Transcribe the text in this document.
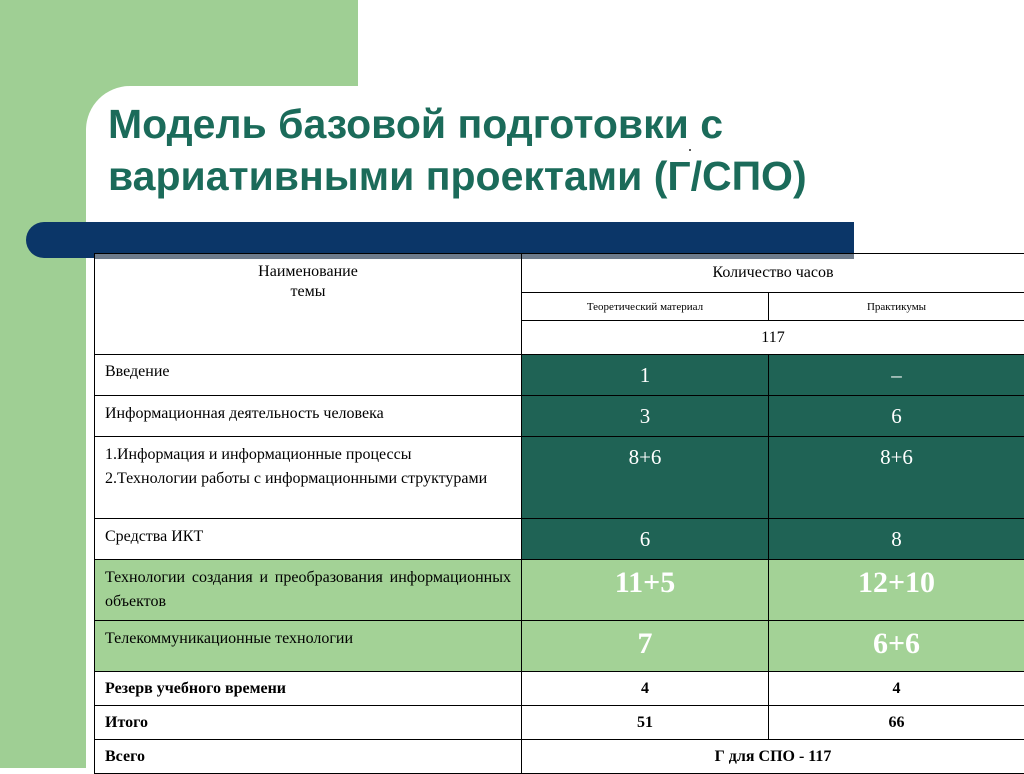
Модель базовой подготовки с
вариативными проектами (Г/СПО)
Наименование
темы	Количество часов	
	Теоретический материал	Практикумы
	117	
Введение	1	–
Информационная деятельность человека	3	6
1.Информация и информационные процессы
2.Технологии работы с информационными структурами	8+6	8+6
Средства ИКТ	6	8
Технологии создания и преобразования информационных объектов	11+5	12+10
Телекоммуникационные технологии	7	6+6
Резерв учебного времени	4	4
Итого	51	66
Всего	Г для СПО - 117	
